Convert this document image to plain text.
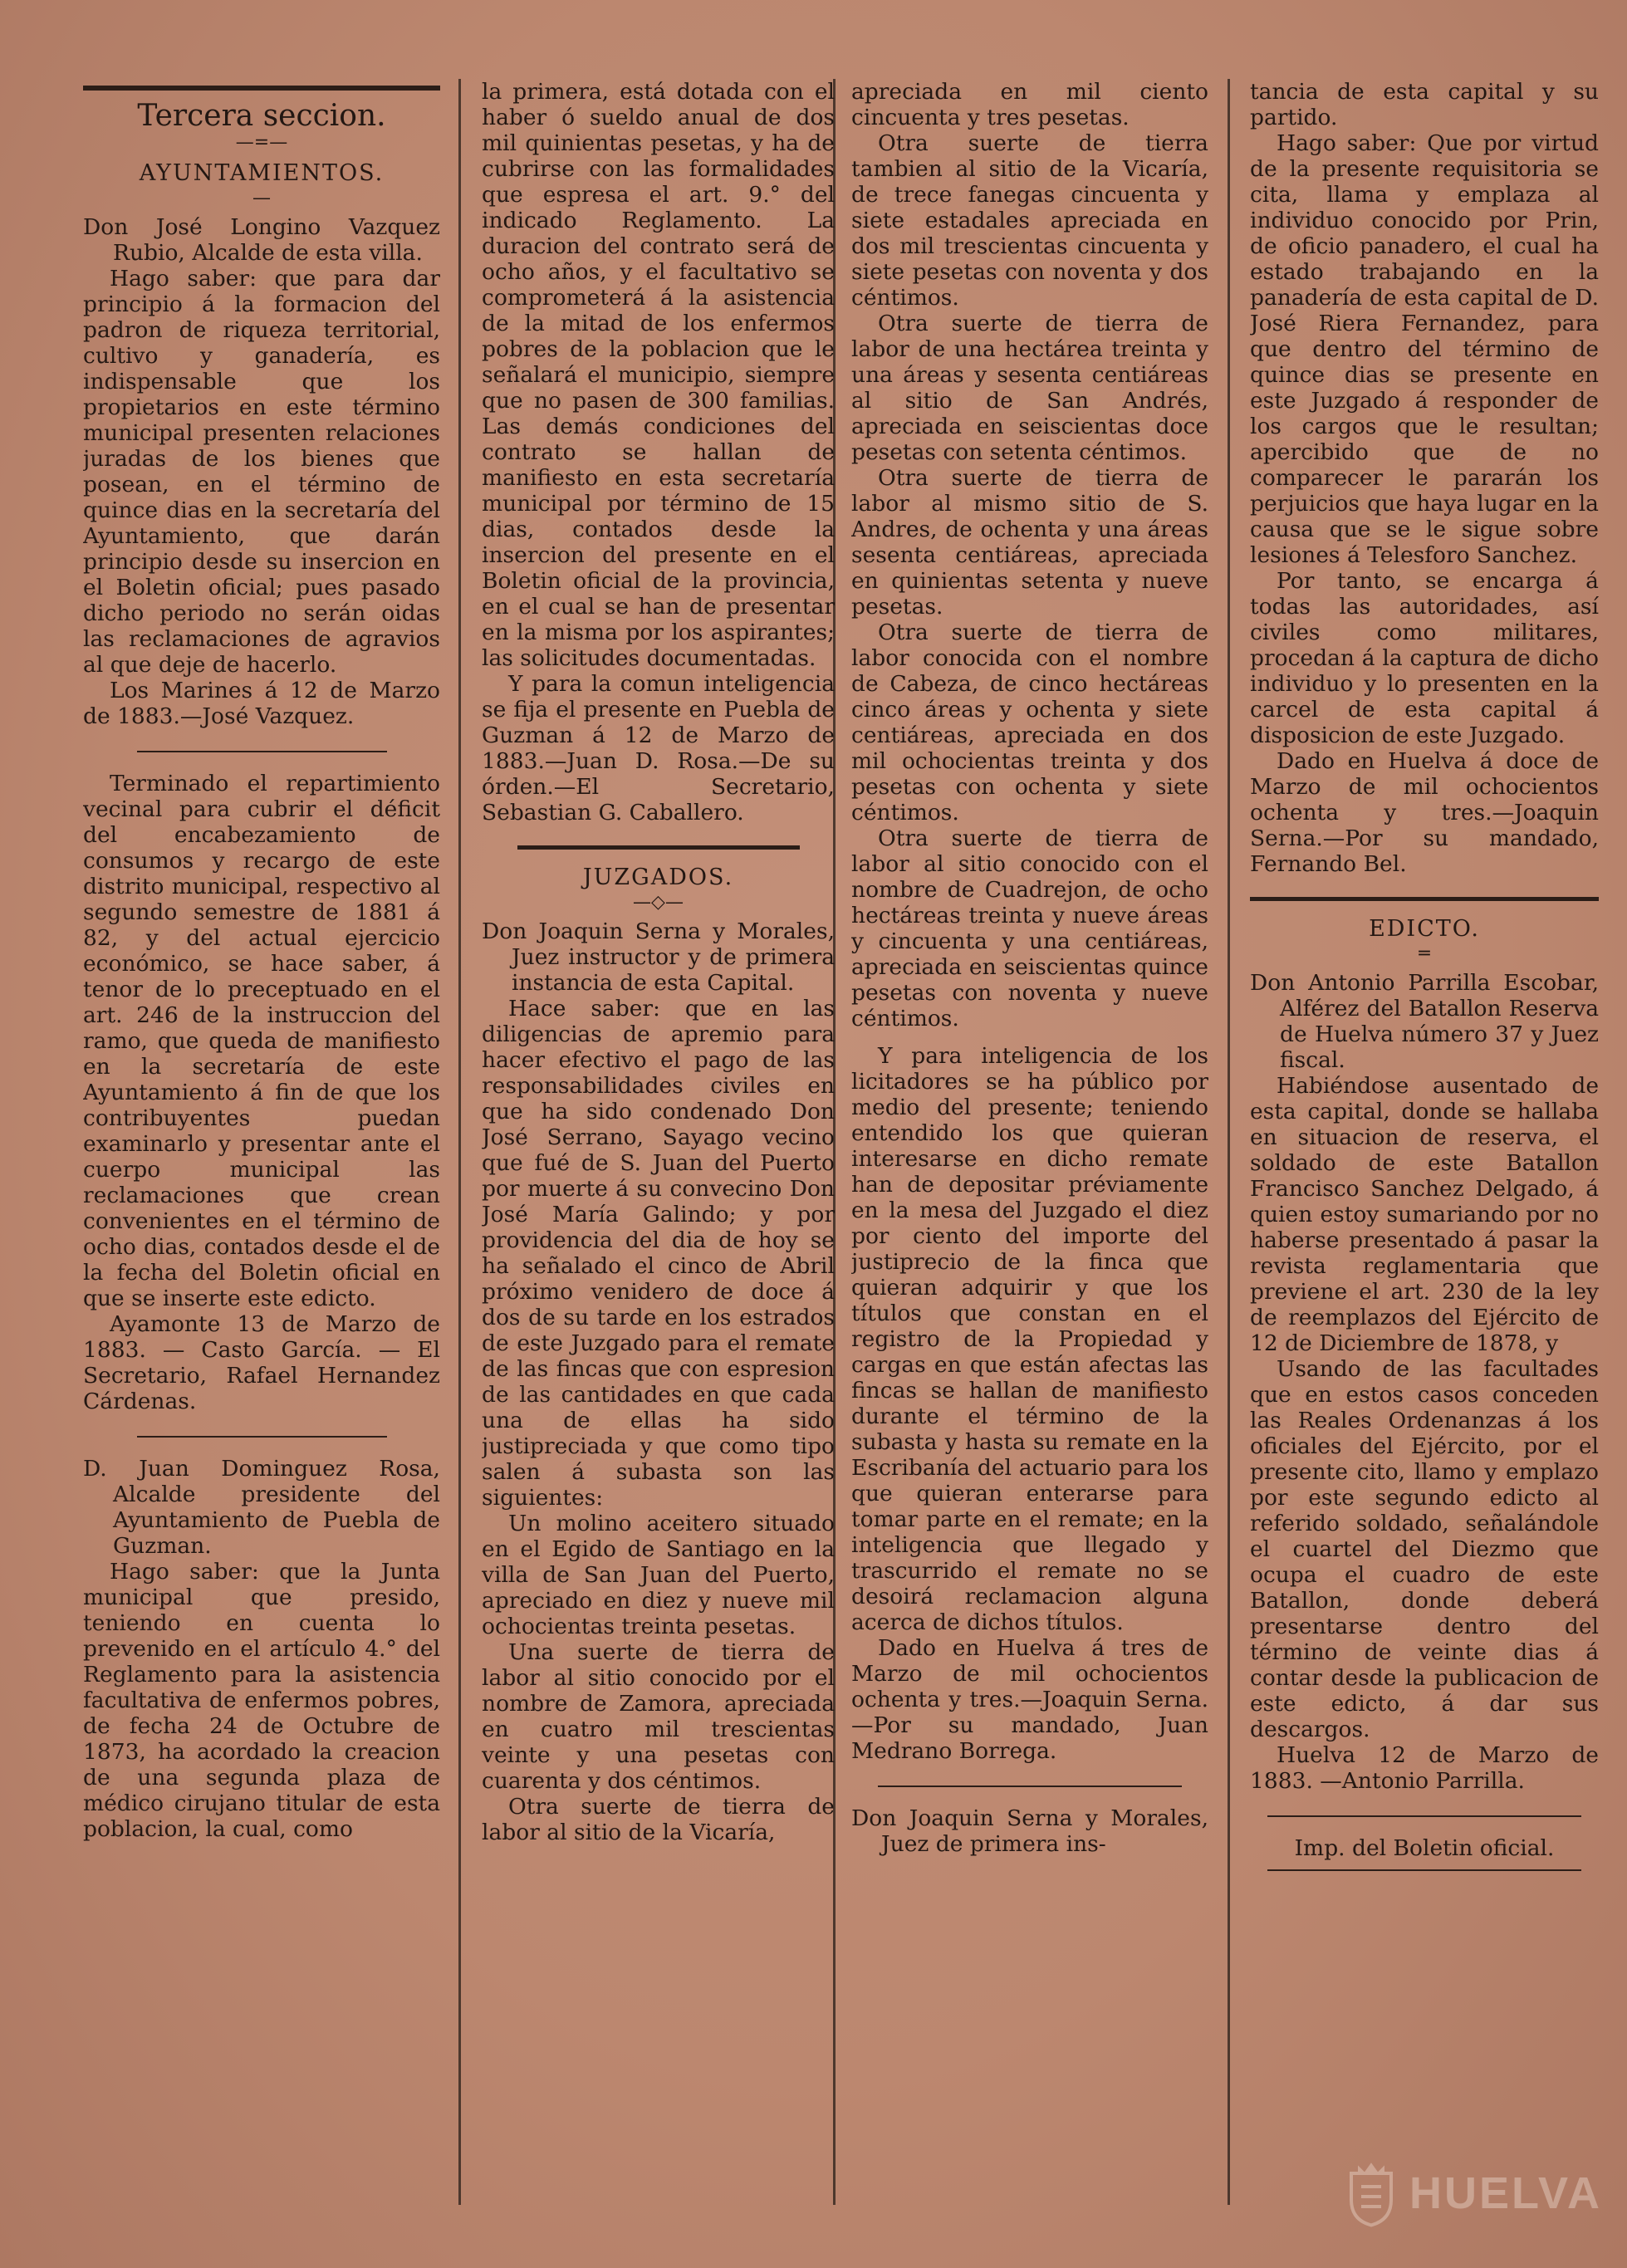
Tercera seccion.

—=—

AYUNTAMIENTOS.

—

Don José Longino Vazquez Rubio, Alcalde de esta villa.

Hago saber: que para dar principio á la formacion del padron de riqueza territorial, cultivo y ganadería, es indispensable que los propietarios en este término municipal presenten relaciones juradas de los bienes que posean, en el término de quince dias en la secretaría del Ayuntamiento, que darán principio desde su insercion en el Boletin oficial; pues pasado dicho periodo no serán oidas las reclamaciones de agravios al que deje de hacerlo.

Los Marines á 12 de Marzo de 1883.—José Vazquez.

Terminado el repartimiento vecinal para cubrir el déficit del encabezamiento de consumos y recargo de este distrito municipal, respectivo al segundo semestre de 1881 á 82, y del actual ejercicio económico, se hace saber, á tenor de lo preceptuado en el art. 246 de la instruccion del ramo, que queda de manifiesto en la secretaría de este Ayuntamiento á fin de que los contribuyentes puedan examinarlo y presentar ante el cuerpo municipal las reclamaciones que crean convenientes en el término de ocho dias, contados desde el de la fecha del Boletin oficial en que se inserte este edicto.

Ayamonte 13 de Marzo de 1883. — Casto García. — El Secretario, Rafael Hernandez Cárdenas.

D. Juan Dominguez Rosa, Alcalde presidente del Ayuntamiento de Puebla de Guzman.

Hago saber: que la Junta municipal que presido, teniendo en cuenta lo prevenido en el artículo 4.° del Reglamento para la asistencia facultativa de enfermos pobres, de fecha 24 de Octubre de 1873, ha acordado la creacion de una segunda plaza de médico cirujano titular de esta poblacion, la cual, como

la primera, está dotada con el haber ó sueldo anual de dos mil quinientas pesetas, y ha de cubrirse con las formalidades que espresa el art. 9.° del indicado Reglamento. La duracion del contrato será de ocho años, y el facultativo se comprometerá á la asistencia de la mitad de los enfermos pobres de la poblacion que le señalará el municipio, siempre que no pasen de 300 familias. Las demás condiciones del contrato se hallan de manifiesto en esta secretaría municipal por término de 15 dias, contados desde la insercion del presente en el Boletin oficial de la provincia, en el cual se han de presentar en la misma por los aspirantes; las solicitudes documentadas.

Y para la comun inteligencia se fija el presente en Puebla de Guzman á 12 de Marzo de 1883.—Juan D. Rosa.—De su órden.—El Secretario, Sebastian G. Caballero.

JUZGADOS.

—◇—

Don Joaquin Serna y Morales, Juez instructor y de primera instancia de esta Capital.

Hace saber: que en las diligencias de apremio para hacer efectivo el pago de las responsabilidades civiles en que ha sido condenado Don José Serrano, Sayago vecino que fué de S. Juan del Puerto por muerte á su convecino Don José María Galindo; y por providencia del dia de hoy se ha señalado el cinco de Abril próximo venidero de doce á dos de su tarde en los estrados de este Juzgado para el remate de las fincas que con espresion de las cantidades en que cada una de ellas ha sido justipreciada y que como tipo salen á subasta son las siguientes:

Un molino aceitero situado en el Egido de Santiago en la villa de San Juan del Puerto, apreciado en diez y nueve mil ochocientas treinta pesetas.

Una suerte de tierra de labor al sitio conocido por el nombre de Zamora, apreciada en cuatro mil trescientas veinte y una pesetas con cuarenta y dos céntimos.

Otra suerte de tierra de labor al sitio de la Vicaría,

apreciada en mil ciento cincuenta y tres pesetas.

Otra suerte de tierra tambien al sitio de la Vicaría, de trece fanegas cincuenta y siete estadales apreciada en dos mil trescientas cincuenta y siete pesetas con noventa y dos céntimos.

Otra suerte de tierra de labor de una hectárea treinta y una áreas y sesenta centiáreas al sitio de San Andrés, apreciada en seiscientas doce pesetas con setenta céntimos.

Otra suerte de tierra de labor al mismo sitio de S. Andres, de ochenta y una áreas sesenta centiáreas, apreciada en quinientas setenta y nueve pesetas.

Otra suerte de tierra de labor conocida con el nombre de Cabeza, de cinco hectáreas cinco áreas y ochenta y siete centiáreas, apreciada en dos mil ochocientas treinta y dos pesetas con ochenta y siete céntimos.

Otra suerte de tierra de labor al sitio conocido con el nombre de Cuadrejon, de ocho hectáreas treinta y nueve áreas y cincuenta y una centiáreas, apreciada en seiscientas quince pesetas con noventa y nueve céntimos.

Y para inteligencia de los licitadores se ha público por medio del presente; teniendo entendido los que quieran interesarse en dicho remate han de depositar préviamente en la mesa del Juzgado el diez por ciento del importe del justiprecio de la finca que quieran adquirir y que los títulos que constan en el registro de la Propiedad y cargas en que están afectas las fincas se hallan de manifiesto durante el término de la subasta y hasta su remate en la Escribanía del actuario para los que quieran enterarse para tomar parte en el remate; en la inteligencia que llegado y trascurrido el remate no se desoirá reclamacion alguna acerca de dichos títulos.

Dado en Huelva á tres de Marzo de mil ochocientos ochenta y tres.—Joaquin Serna.—Por su mandado, Juan Medrano Borrega.

Don Joaquin Serna y Morales, Juez de primera ins-

tancia de esta capital y su partido.

Hago saber: Que por virtud de la presente requisitoria se cita, llama y emplaza al individuo conocido por Prin, de oficio panadero, el cual ha estado trabajando en la panadería de esta capital de D. José Riera Fernandez, para que dentro del término de quince dias se presente en este Juzgado á responder de los cargos que le resultan; apercibido que de no comparecer le pararán los perjuicios que haya lugar en la causa que se le sigue sobre lesiones á Telesforo Sanchez.

Por tanto, se encarga á todas las autoridades, así civiles como militares, procedan á la captura de dicho individuo y lo presenten en la carcel de esta capital á disposicion de este Juzgado.

Dado en Huelva á doce de Marzo de mil ochocientos ochenta y tres.—Joaquin Serna.—Por su mandado, Fernando Bel.

EDICTO.

═

Don Antonio Parrilla Escobar, Alférez del Batallon Reserva de Huelva número 37 y Juez fiscal.

Habiéndose ausentado de esta capital, donde se hallaba en situacion de reserva, el soldado de este Batallon Francisco Sanchez Delgado, á quien estoy sumariando por no haberse presentado á pasar la revista reglamentaria que previene el art. 230 de la ley de reemplazos del Ejército de 12 de Diciembre de 1878, y

Usando de las facultades que en estos casos conceden las Reales Ordenanzas á los oficiales del Ejército, por el presente cito, llamo y emplazo por este segundo edicto al referido soldado, señalándole el cuartel del Diezmo que ocupa el cuadro de este Batallon, donde deberá presentarse dentro del término de veinte dias á contar desde la publicacion de este edicto, á dar sus descargos.

Huelva 12 de Marzo de 1883. —Antonio Parrilla.

Imp. del Boletin oficial.

HUELVA
